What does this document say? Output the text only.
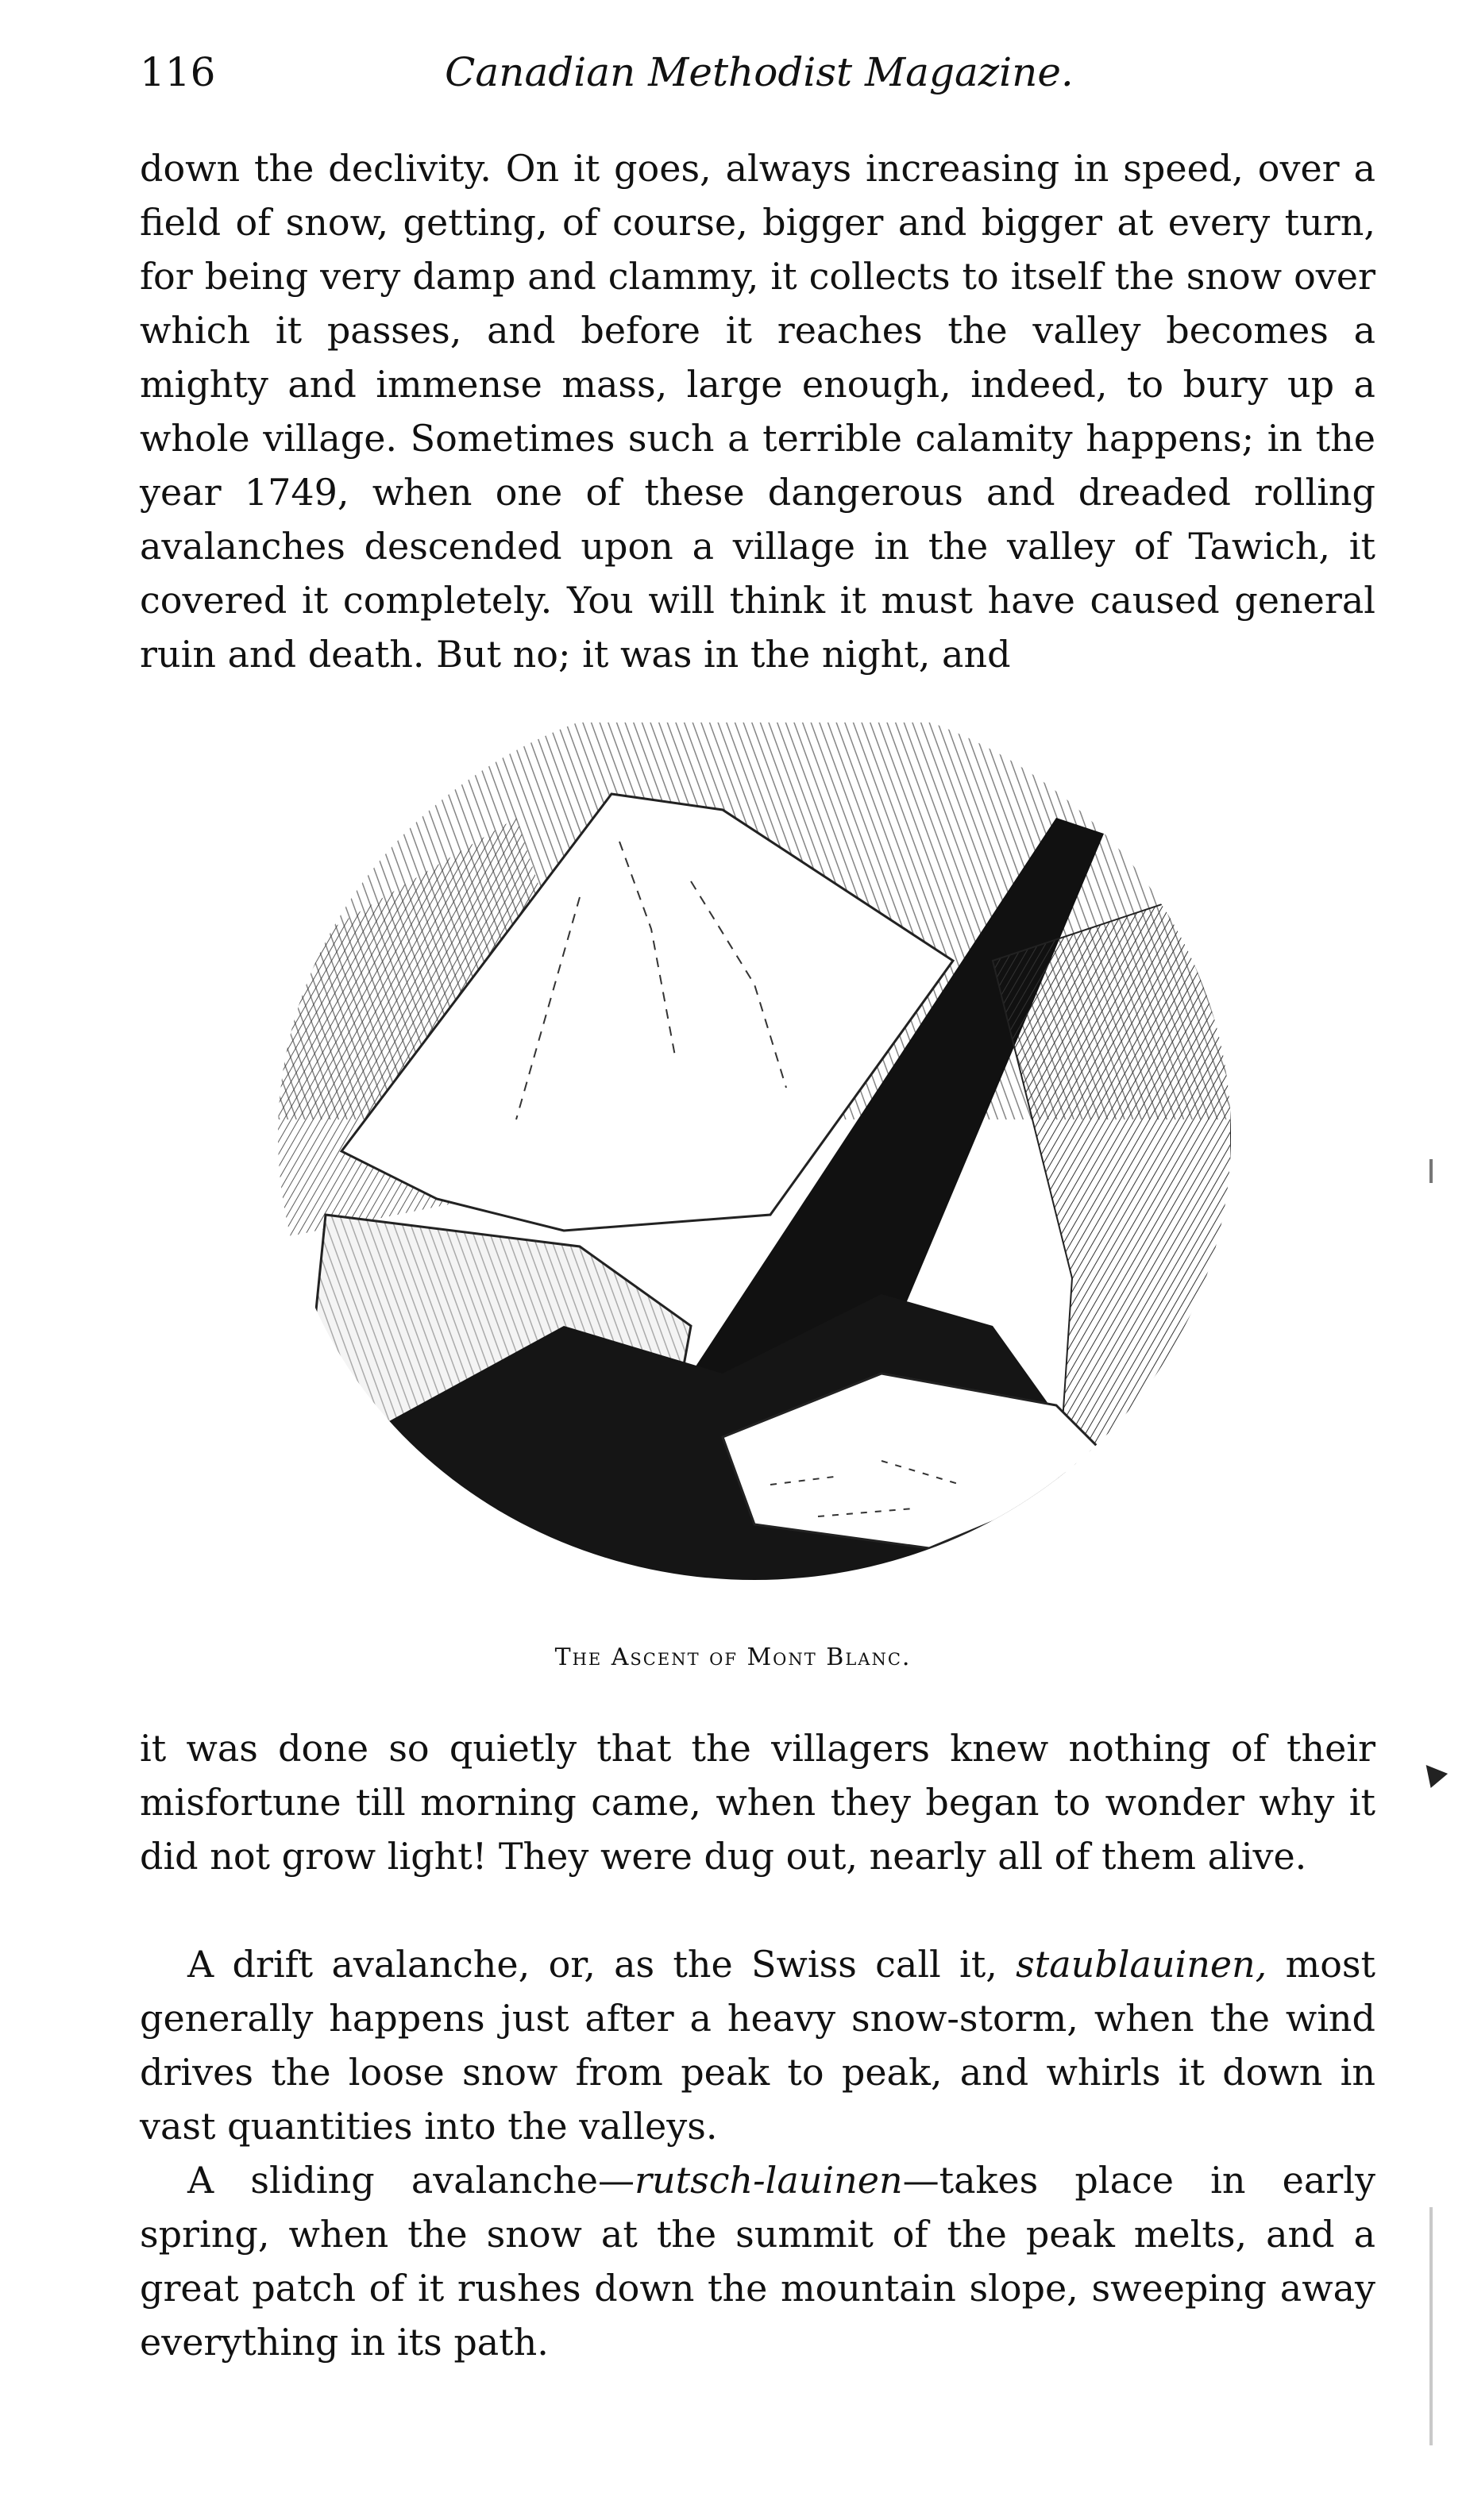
116	Canadian Methodist Magazine.

down the declivity. On it goes, always increasing in speed, over a field of snow, getting, of course, bigger and bigger at every turn, for being very damp and clammy, it collects to itself the snow over which it passes, and before it reaches the valley becomes a mighty and immense mass, large enough, indeed, to bury up a whole village. Sometimes such a terrible calamity happens; in the year 1749, when one of these dangerous and dreaded rolling avalanches descended upon a village in the valley of Tawich, it covered it completely. You will think it must have caused general ruin and death. But no; it was in the night, and

The Ascent of Mont Blanc.

it was done so quietly that the villagers knew nothing of their misfortune till morning came, when they began to wonder why it did not grow light! They were dug out, nearly all of them alive.

A drift avalanche, or, as the Swiss call it, staublauinen, most generally happens just after a heavy snow-storm, when the wind drives the loose snow from peak to peak, and whirls it down in vast quantities into the valleys.

A sliding avalanche—rutsch-lauinen—takes place in early spring, when the snow at the summit of the peak melts, and a great patch of it rushes down the mountain slope, sweeping away everything in its path.
